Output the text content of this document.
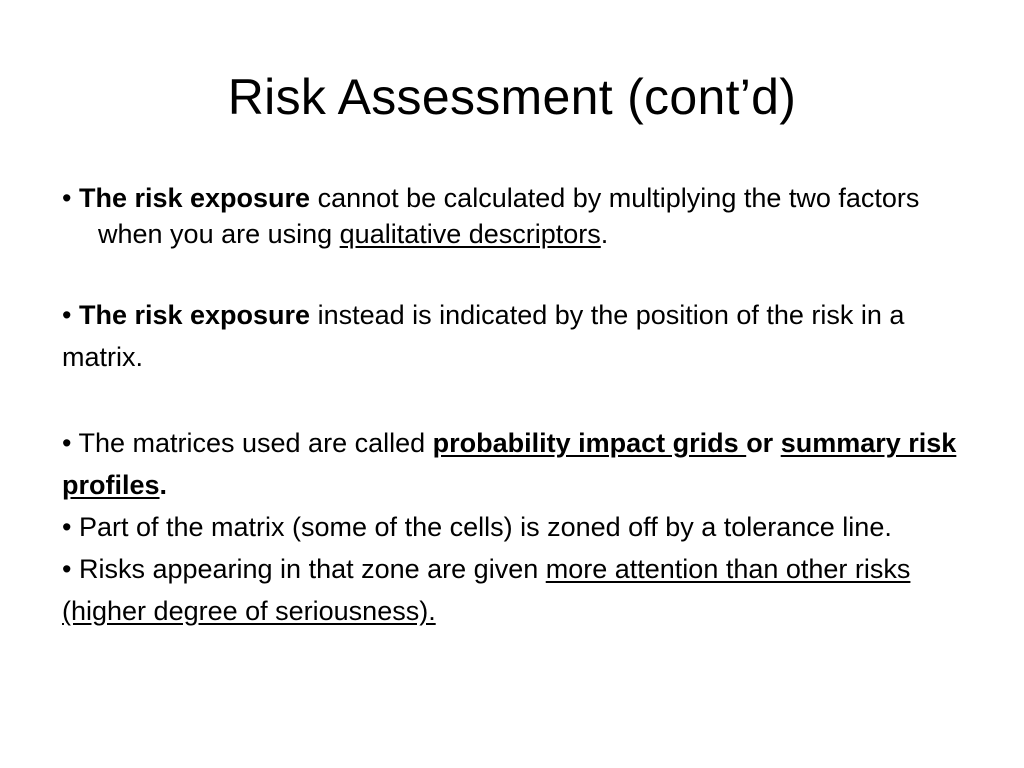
Risk Assessment (cont’d)

• The risk exposure cannot be calculated by multiplying the two factors when you are using qualitative descriptors.

• The risk exposure instead is indicated by the position of the risk in a matrix.

• The matrices used are called probability impact grids or summary risk profiles.

• Part of the matrix (some of the cells) is zoned off by a tolerance line.

• Risks appearing in that zone are given more attention than other risks (higher degree of seriousness).
